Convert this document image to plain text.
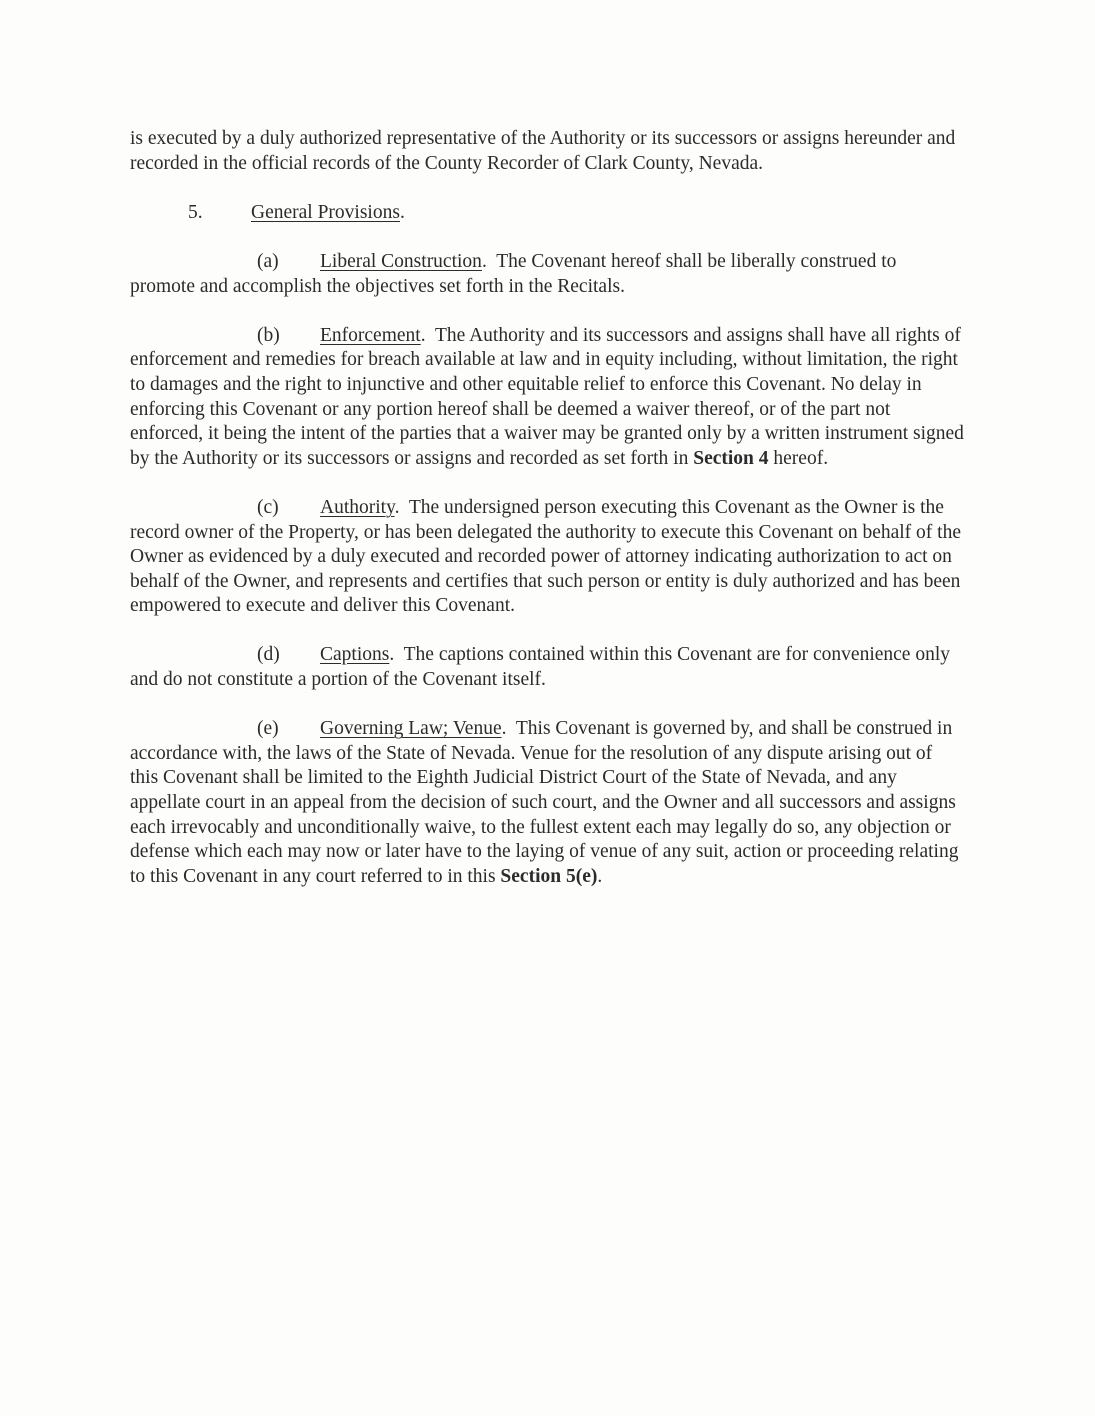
is executed by a duly authorized representative of the Authority or its successors or assigns hereunder and recorded in the official records of the County Recorder of Clark County, Nevada.

5. General Provisions.

(a) Liberal Construction. The Covenant hereof shall be liberally construed to promote and accomplish the objectives set forth in the Recitals.

(b) Enforcement. The Authority and its successors and assigns shall have all rights of enforcement and remedies for breach available at law and in equity including, without limitation, the right to damages and the right to injunctive and other equitable relief to enforce this Covenant. No delay in enforcing this Covenant or any portion hereof shall be deemed a waiver thereof, or of the part not enforced, it being the intent of the parties that a waiver may be granted only by a written instrument signed by the Authority or its successors or assigns and recorded as set forth in Section 4 hereof.

(c) Authority. The undersigned person executing this Covenant as the Owner is the record owner of the Property, or has been delegated the authority to execute this Covenant on behalf of the Owner as evidenced by a duly executed and recorded power of attorney indicating authorization to act on behalf of the Owner, and represents and certifies that such person or entity is duly authorized and has been empowered to execute and deliver this Covenant.

(d) Captions. The captions contained within this Covenant are for convenience only and do not constitute a portion of the Covenant itself.

(e) Governing Law; Venue. This Covenant is governed by, and shall be construed in accordance with, the laws of the State of Nevada. Venue for the resolution of any dispute arising out of this Covenant shall be limited to the Eighth Judicial District Court of the State of Nevada, and any appellate court in an appeal from the decision of such court, and the Owner and all successors and assigns each irrevocably and unconditionally waive, to the fullest extent each may legally do so, any objection or defense which each may now or later have to the laying of venue of any suit, action or proceeding relating to this Covenant in any court referred to in this Section 5(e).
